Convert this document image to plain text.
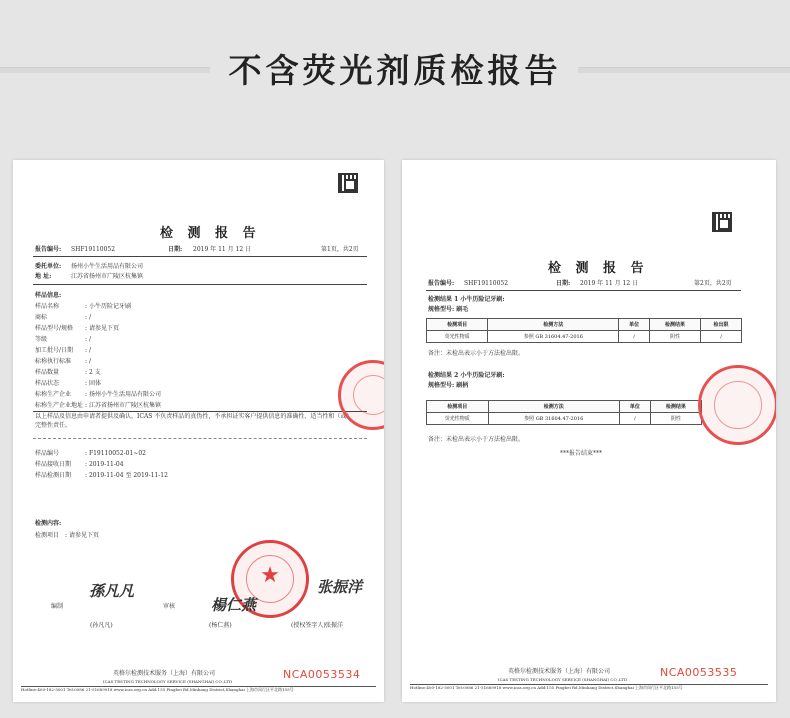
不含荧光剂质检报告
检 测 报 告
报告编号: SHF19110052	日期: 2019 年 11 月 12 日	第1页，共2页
委托单位: 扬州小牛生活用品有限公司
地 址:	江苏省扬州市广陵区杭集镇
样品信息:
样品名称	: 小牛历险记牙刷
商标	: /
样品型号/规格 : 请参见下页
等级	: /
加工批号/日期 : /
标称执行标准 : /
样品数量	: 2 支
样品状态	: 固体
标称生产企业 : 扬州小牛生活用品有限公司
标称生产企业地址 : 江苏省扬州市广陵区杭集镇
以上样品及信息由申请者提供及确认，ICAS 不负责样品的真伪性，不承担证实客户提供信息的准确性、适当性和（或）
完整性责任。
样品编号	: F19110052-01~02
样品接收日期 : 2019-11-04
样品检测日期 : 2019-11-04 至 2019-11-12
检测内容:
检测项目 : 请参见下页
★
孫凡凡
楊仁燕
张振洋
编制	审核
(孙凡凡)	(杨仁燕)	(授权签字人) 张振洋
英格尔检测技术服务（上海）有限公司
ICAS TESTING TECHNOLOGY SERVICE (SHANGHAI) CO.,LTD
NCA0053534
Hotline:400-182-5001 Tel:0086 21-51689918 www.icas.org.cn Add:155 Pingbei Rd,Minhang District,Shanghai 上海市闵行区平北路155号
检 测 报 告
报告编号: SHF19110052	日期: 2019 年 11 月 12 日	第2页，共2页
检测结果 1 小牛历险记牙刷:
规格型号: 刷毛
检测项目	检测方法	单位	检测结果	检出限
荧光性物质	参照 GB 31604.47-2016	/	阴性	/
备注：未检出表示小于方法检出限。
检测结果 2 小牛历险记牙刷:
规格型号: 刷柄
检测项目	检测方法	单位	检测结果
荧光性物质	参照 GB 31604.47-2016	/	阴性
备注：未检出表示小于方法检出限。
***报告结束***
英格尔检测技术服务（上海）有限公司
ICAS TESTING TECHNOLOGY SERVICE (SHANGHAI) CO.,LTD
NCA0053535
Hotline:400-182-5001 Tel:0086 21-51689918 www.icas.org.cn Add:155 Pingbei Rd,Minhang District,Shanghai 上海市闵行区平北路155号
